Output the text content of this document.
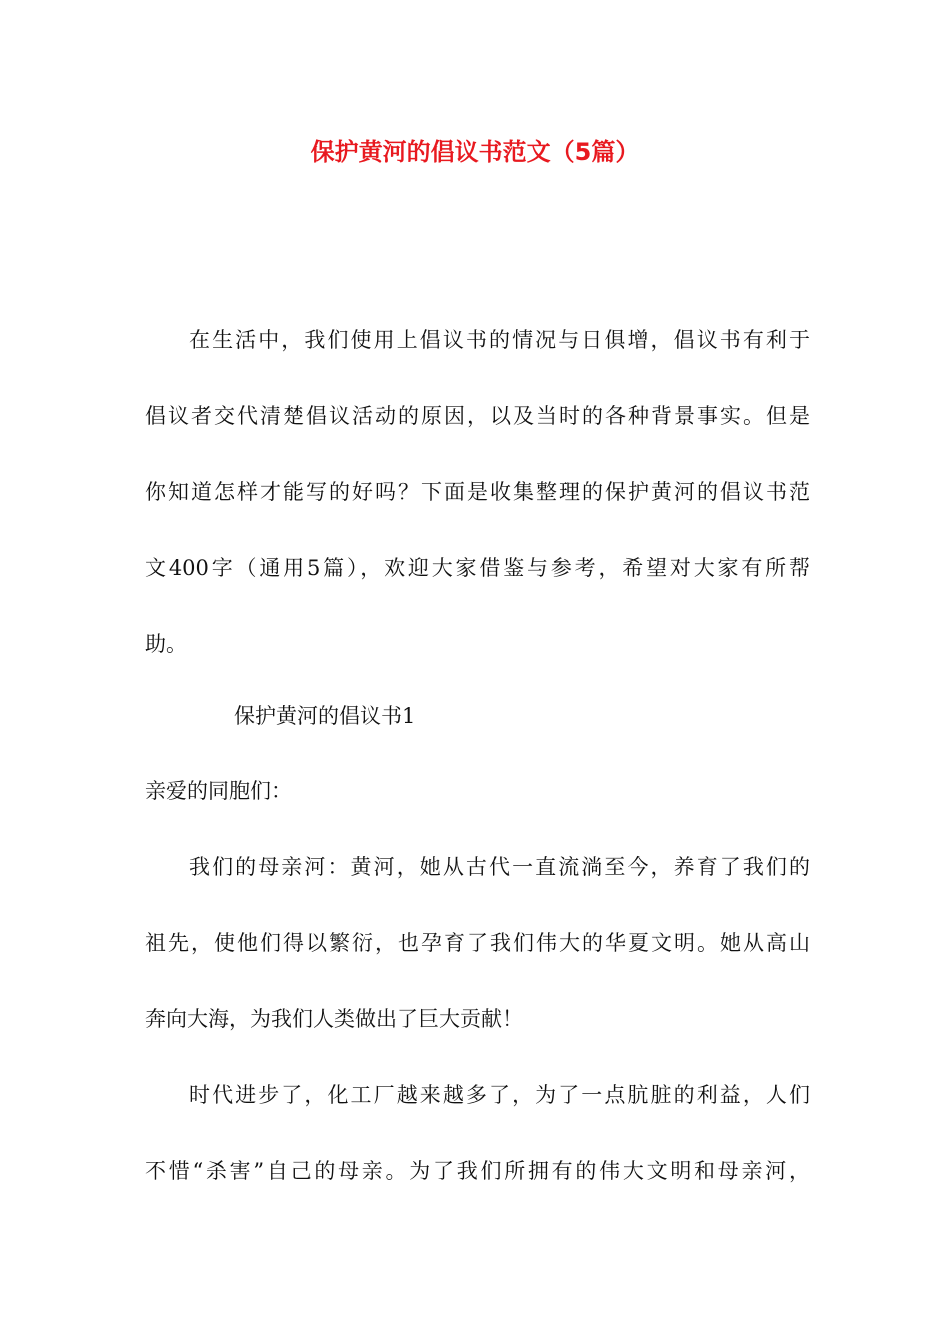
保护黄河的倡议书范文（5篇）
在生活中，我们使用上倡议书的情况与日俱增，倡议书有利于
倡议者交代清楚倡议活动的原因，以及当时的各种背景事实。但是
你知道怎样才能写的好吗？下面是收集整理的保护黄河的倡议书范
文400字（通用5篇），欢迎大家借鉴与参考，希望对大家有所帮
助。
保护黄河的倡议书1
亲爱的同胞们：
我们的母亲河：黄河，她从古代一直流淌至今，养育了我们的
祖先，使他们得以繁衍，也孕育了我们伟大的华夏文明。她从高山
奔向大海，为我们人类做出了巨大贡献！
时代进步了，化工厂越来越多了，为了一点肮脏的利益，人们
不惜“杀害”自己的母亲。为了我们所拥有的伟大文明和母亲河，
